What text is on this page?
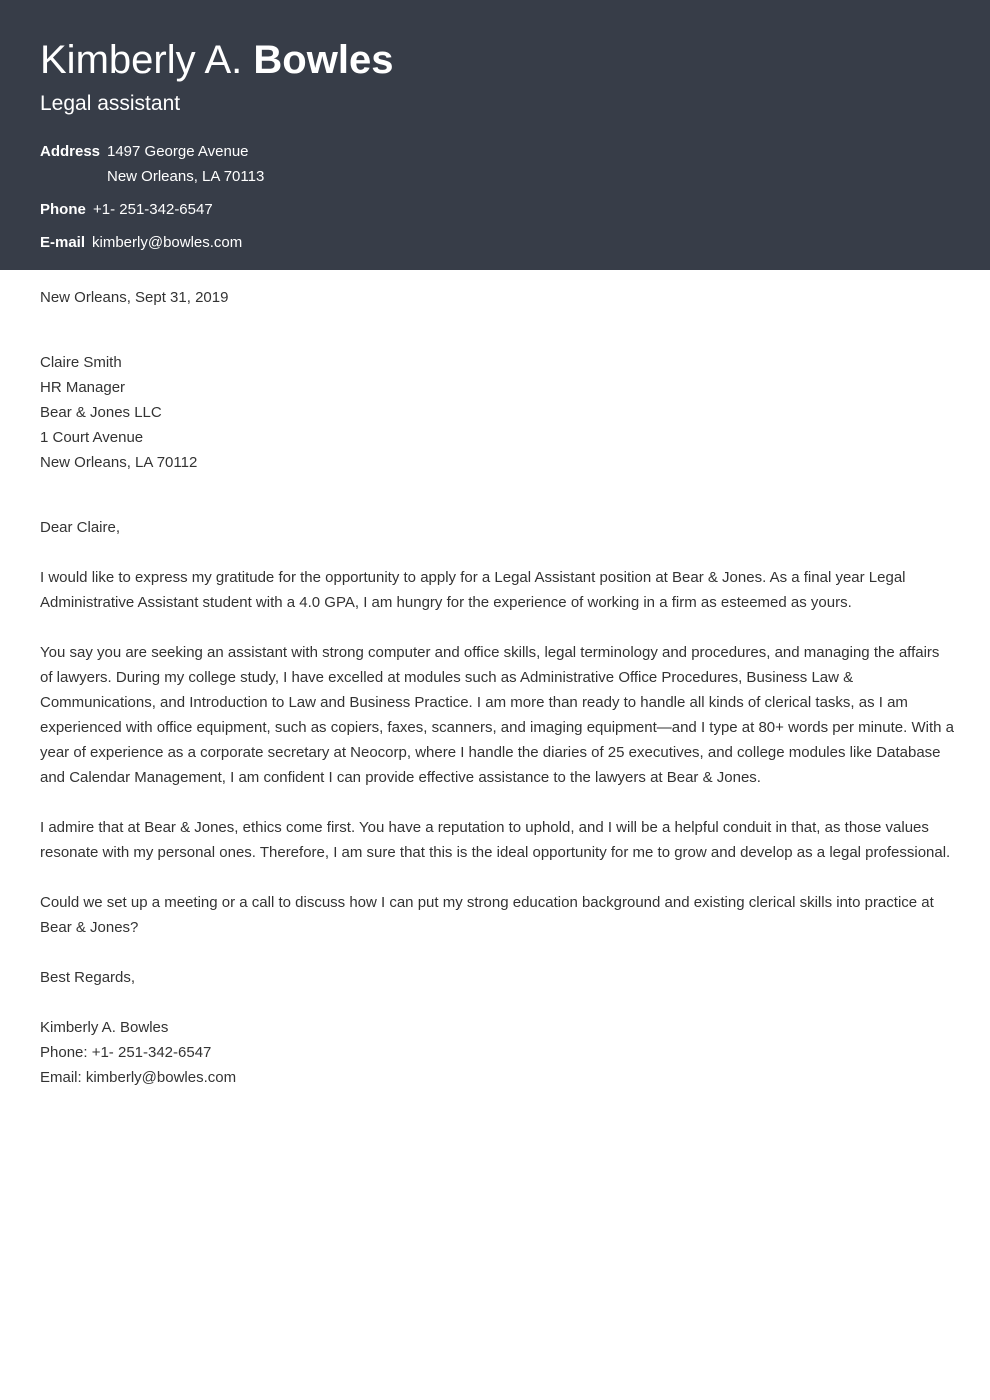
Kimberly A. Bowles
Legal assistant
Address 1497 George Avenue
New Orleans, LA 70113
Phone +1- 251-342-6547
E-mail kimberly@bowles.com
New Orleans, Sept 31, 2019
Claire Smith
HR Manager
Bear & Jones LLC
1 Court Avenue
New Orleans, LA 70112
Dear Claire,

I would like to express my gratitude for the opportunity to apply for a Legal Assistant position at Bear & Jones. As a final year Legal Administrative Assistant student with a 4.0 GPA, I am hungry for the experience of working in a firm as esteemed as yours.

You say you are seeking an assistant with strong computer and office skills, legal terminology and procedures, and managing the affairs of lawyers. During my college study, I have excelled at modules such as Administrative Office Procedures, Business Law & Communications, and Introduction to Law and Business Practice. I am more than ready to handle all kinds of clerical tasks, as I am experienced with office equipment, such as copiers, faxes, scanners, and imaging equipment—and I type at 80+ words per minute. With a year of experience as a corporate secretary at Neocorp, where I handle the diaries of 25 executives, and college modules like Database and Calendar Management, I am confident I can provide effective assistance to the lawyers at Bear & Jones.

I admire that at Bear & Jones, ethics come first. You have a reputation to uphold, and I will be a helpful conduit in that, as those values resonate with my personal ones. Therefore, I am sure that this is the ideal opportunity for me to grow and develop as a legal professional.

Could we set up a meeting or a call to discuss how I can put my strong education background and existing clerical skills into practice at Bear & Jones?

Best Regards,
Kimberly A. Bowles
Phone: +1- 251-342-6547
Email: kimberly@bowles.com
